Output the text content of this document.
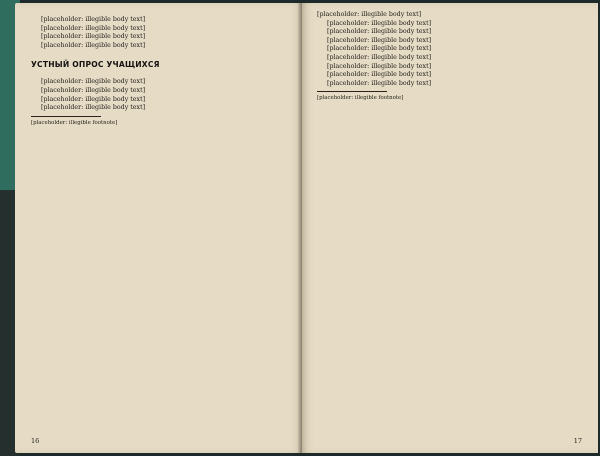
[placeholder: illegible body text]

[placeholder: illegible body text]

[placeholder: illegible body text]

[placeholder: illegible body text]

УСТНЫЙ ОПРОС УЧАЩИХСЯ

[placeholder: illegible body text]

[placeholder: illegible body text]

[placeholder: illegible body text]

[placeholder: illegible body text]

[placeholder: illegible footnote]

16

[placeholder: illegible body text]

[placeholder: illegible body text]

[placeholder: illegible body text]

[placeholder: illegible body text]

[placeholder: illegible body text]

[placeholder: illegible body text]

[placeholder: illegible body text]

[placeholder: illegible body text]

[placeholder: illegible body text]

[placeholder: illegible footnote]

17
